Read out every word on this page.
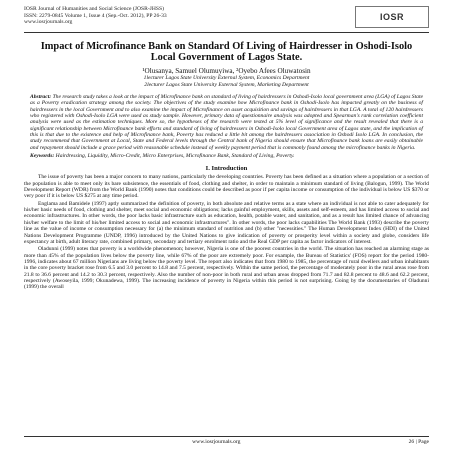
IOSR Journal of Humanities and Social Science (JOSR-JHSS)
ISSN: 2279-0845 Volume 1, Issue 4 (Sep.-Oct. 2012), PP 26-33
www.iosrjournals.org
IOSR
Impact of Microfinance Bank on Standard Of Living of Hairdresser in Oshodi-Isolo Local Government of Lagos State.
¹Olusanya, Samuel Olumuyiwa, ²Oyebo Afees Oluwatosin
1lecturer Lagos State University External System, Economics Department
2lecturer Lagos State University External System, Marketing Department
Abstract: The research study takes a look at the impact of Microfinance bank on standard of living of hairdressers in Oshodi-Isolo local government area (LGA) of Lagos State as a Poverty eradication strategy among the society. The objectives of the study examine how Microfinance bank in Oshodi-Isolo has impacted greatly on the business of hairdressers in the local Government and to also examine the impact of Microfinance on asset acquisition and savings of hairdressers in that LGA. A total of 120 hairdressers who registered with Oshodi-Isolo LGA were used as study sample. However, primary data of questionnaire analysis was adopted and Spearman's rank correlation coefficient analysis were used as the estimation techniques. More so, the hypotheses of the research were tested at 5% level of significance and the result revealed that there is a significant relationship between Microfinance bank efforts and standard of living of hairdressers in Oshodi-Isolo local Government area of Lagos state, and the implication of this is that due to the existence and help of Microfinance bank, Poverty has reduced a little bit among the hairdressers association in Oshodi Isolo LGA. In conclusion, the study recommend that Government at Local, State and Federal levels through the Central bank of Nigeria should ensure that Microfinance bank loans are easily obtainable and repayment should include a grace period with reasonable schedule instead of weekly payment period that is commonly found among the microfinance banks in Nigeria.
Keywords: Hairdressing, Liquidity, Micro-Credit, Micro Enterprises, Microfinance Bank, Standard of Living, Poverty.
I. Introduction

The issue of poverty has been a major concern to many nations, particularly the developing countries. Poverty has been defined as a situation where a population or a section of the population is able to meet only its bare subsistence, the essentials of food, clothing and shelter, in order to maintain a minimum standard of living (Balogun, 1999). The World Development Report (WDR) from the World Bank (1990) notes that conditions could be described as poor if per capita income or consumption of the individual is below US $370 or very poor if it is below US $275 at any time period.

Englama and Bamidele (1997) aptly summarized the definition of poverty, in both absolute and relative terms as a state where an individual is not able to cater adequately for his/her basic needs of food, clothing and shelter, meet social and economic obligations; lacks gainful employment, skills, assets and self-esteem, and has limited access to social and economic infrastructures. In other words, the poor lacks basic infrastructure such as education, health, potable water, and sanitation, and as a result has limited chance of advancing his/her welfare to the limit of his/her limited access to social and economic infrastructures". In other words, the poor lacks capabilities The World Bank (1993) describe the poverty line as the value of income or consumption necessary for (a) the minimum standard of nutrition and (b) other "necessities." The Human Development Index (HDI) of the United Nations Development Programme (UNDP, 1996) introduced by the United Nations to give indication of poverty or prosperity level within a society and globe, considers life expectancy at birth, adult literacy rate, combined primary, secondary and tertiary enrolment ratio and the Real GDP per capita as factor indicators of interest.

Oladunni (1999) notes that poverty is a worldwide phenomenon; however, Nigeria is one of the poorest countries in the world. The situation has reached an alarming stage as more than 45% of the population lives below the poverty line, while 67% of the poor are extremely poor. For example, the Bureau of Statistics' (FOS) report for the period 1980-1996, indicates about 67 million Nigerians are living below the poverty level. The report also indicates that from 1980 to 1985, the percentage of rural dwellers and urban inhabitants in the core poverty bracket rose from 6.5 and 3.0 percent to 14.8 and 7.5 percent, respectively. Within the same period, the percentage of moderately poor in the rural areas rose from 21.8 to 36.6 percent and 14.2 to 30.3 percent, respectively. Also the number of non-poor in both rural and urban areas dropped from 71.7 and 82.8 percent to 48.6 and 62.2 percent, respectively (Awoseyila, 1999; Okunadewa, 1999). The increasing incidence of poverty in Nigeria within this period is not surprising. Going by the documentaries of Oladunni (1999) the overall

www.iosrjournals.org	26 | Page
